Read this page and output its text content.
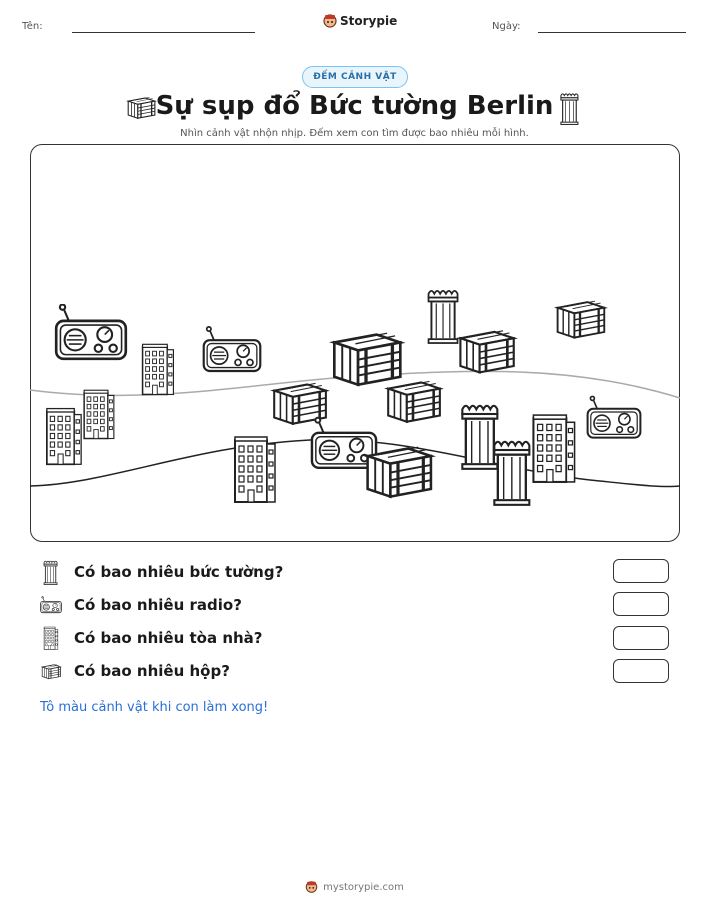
Tên:	Storypie	Ngày:
ĐẾM CẢNH VẬT
Sự sụp đổ Bức tường Berlin
Nhìn cảnh vật nhộn nhịp. Đếm xem con tìm được bao nhiêu mỗi hình.
Có bao nhiêu bức tường?
Có bao nhiêu radio?
Có bao nhiêu tòa nhà?
Có bao nhiêu hộp?
Tô màu cảnh vật khi con làm xong!
mystorypie.com
